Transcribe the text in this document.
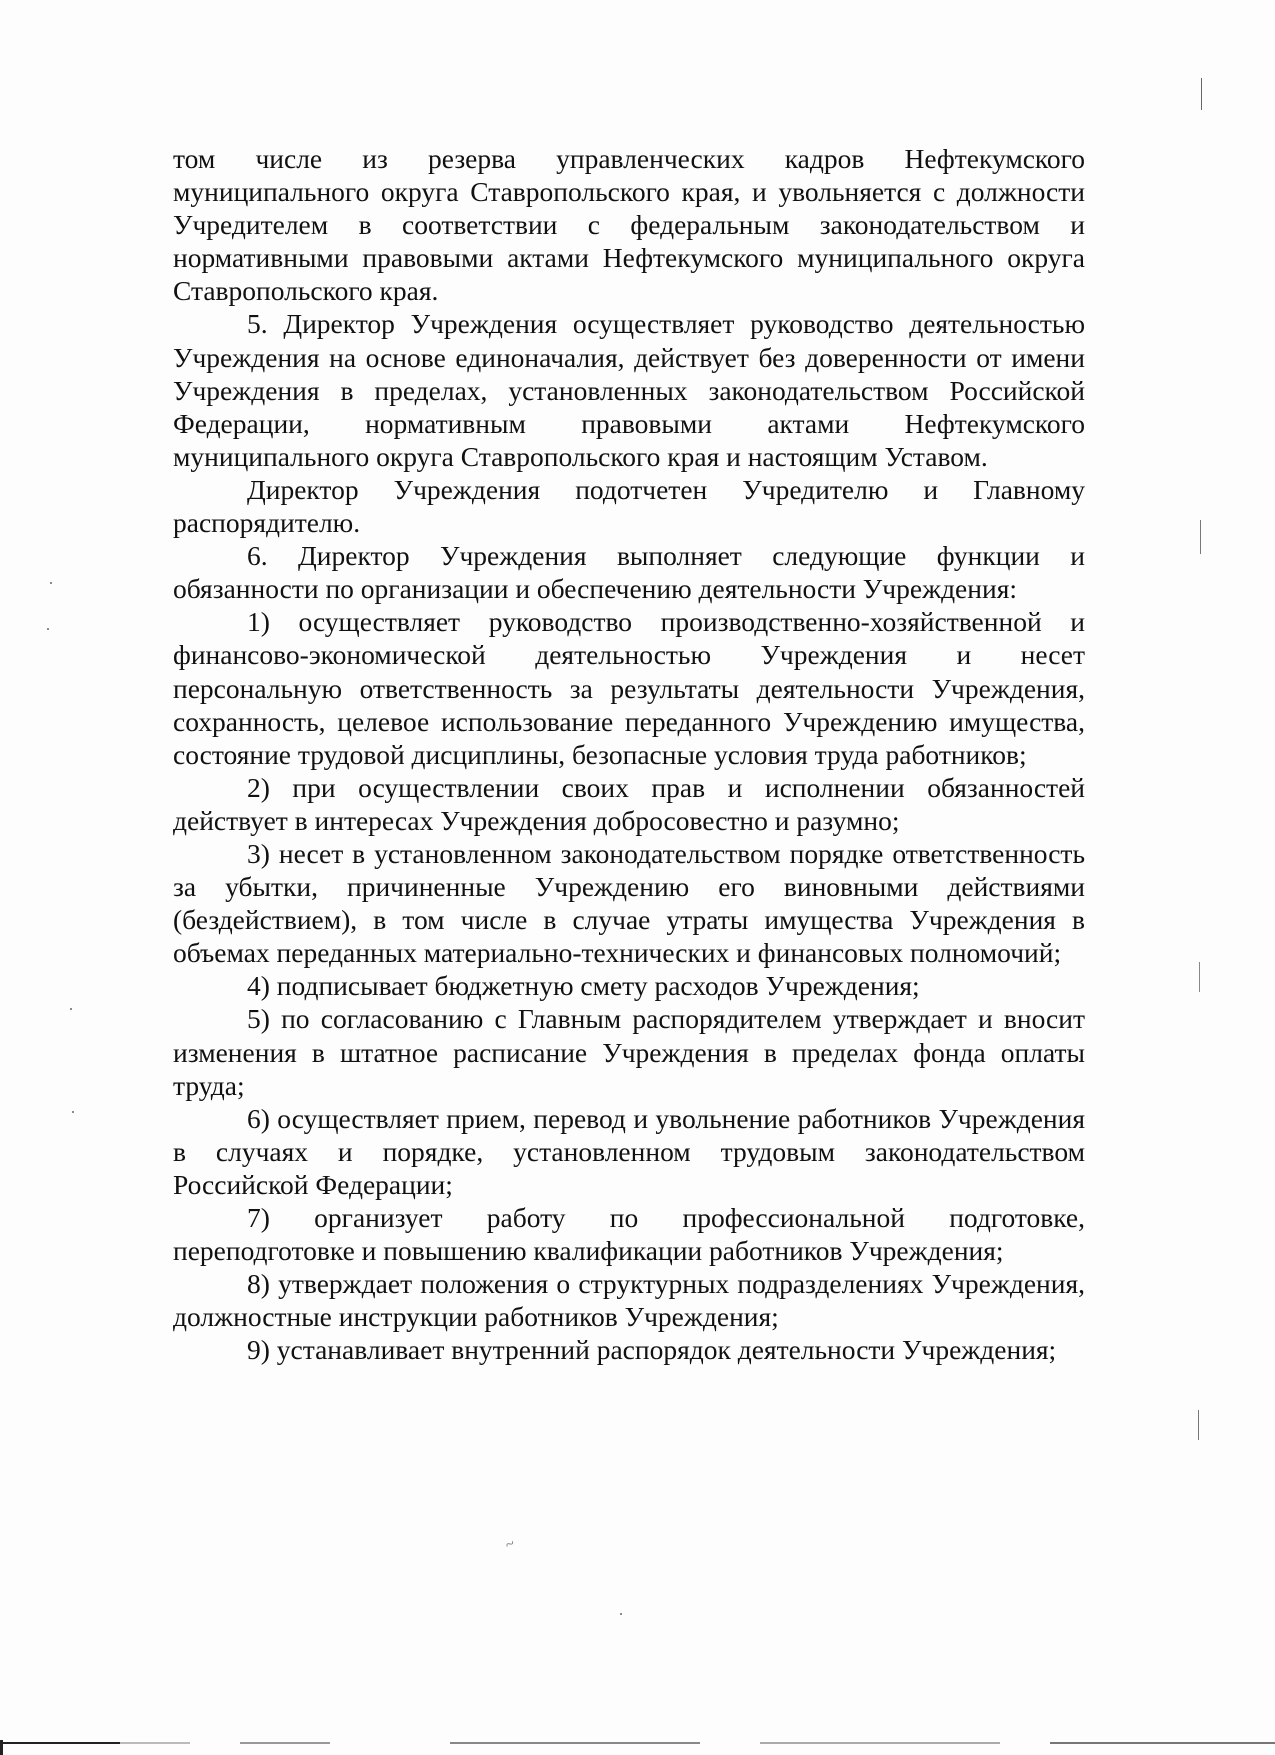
том числе из резерва управленческих кадров Нефтекумского муниципального округа Ставропольского края, и увольняется с должности Учредителем в соответствии с федеральным законодательством и нормативными правовыми актами Нефтекумского муниципального округа Ставропольского края.

5. Директор Учреждения осуществляет руководство деятельностью Учреждения на основе единоначалия, действует без доверенности от имени Учреждения в пределах, установленных законодательством Российской Федерации, нормативным правовыми актами Нефтекумского муниципального округа Ставропольского края и настоящим Уставом.

Директор Учреждения подотчетен Учредителю и Главному распорядителю.

6. Директор Учреждения выполняет следующие функции и обязанности по организации и обеспечению деятельности Учреждения:

1) осуществляет руководство производственно-хозяйственной и финансово-экономической деятельностью Учреждения и несет персональную ответственность за результаты деятельности Учреждения, сохранность, целевое использование переданного Учреждению имущества, состояние трудовой дисциплины, безопасные условия труда работников;

2) при осуществлении своих прав и исполнении обязанностей действует в интересах Учреждения добросовестно и разумно;

3) несет в установленном законодательством порядке ответственность за убытки, причиненные Учреждению его виновными действиями (бездействием), в том числе в случае утраты имущества Учреждения в объемах переданных материально-технических и финансовых полномочий;

4) подписывает бюджетную смету расходов Учреждения;

5) по согласованию с Главным распорядителем утверждает и вносит изменения в штатное расписание Учреждения в пределах фонда оплаты труда;

6) осуществляет прием, перевод и увольнение работников Учреждения в случаях и порядке, установленном трудовым законодательством Российской Федерации;

7) организует работу по профессиональной подготовке, переподготовке и повышению квалификации работников Учреждения;

8) утверждает положения о структурных подразделениях Учреждения, должностные инструкции работников Учреждения;

9) устанавливает внутренний распорядок деятельности Учреждения;

~
